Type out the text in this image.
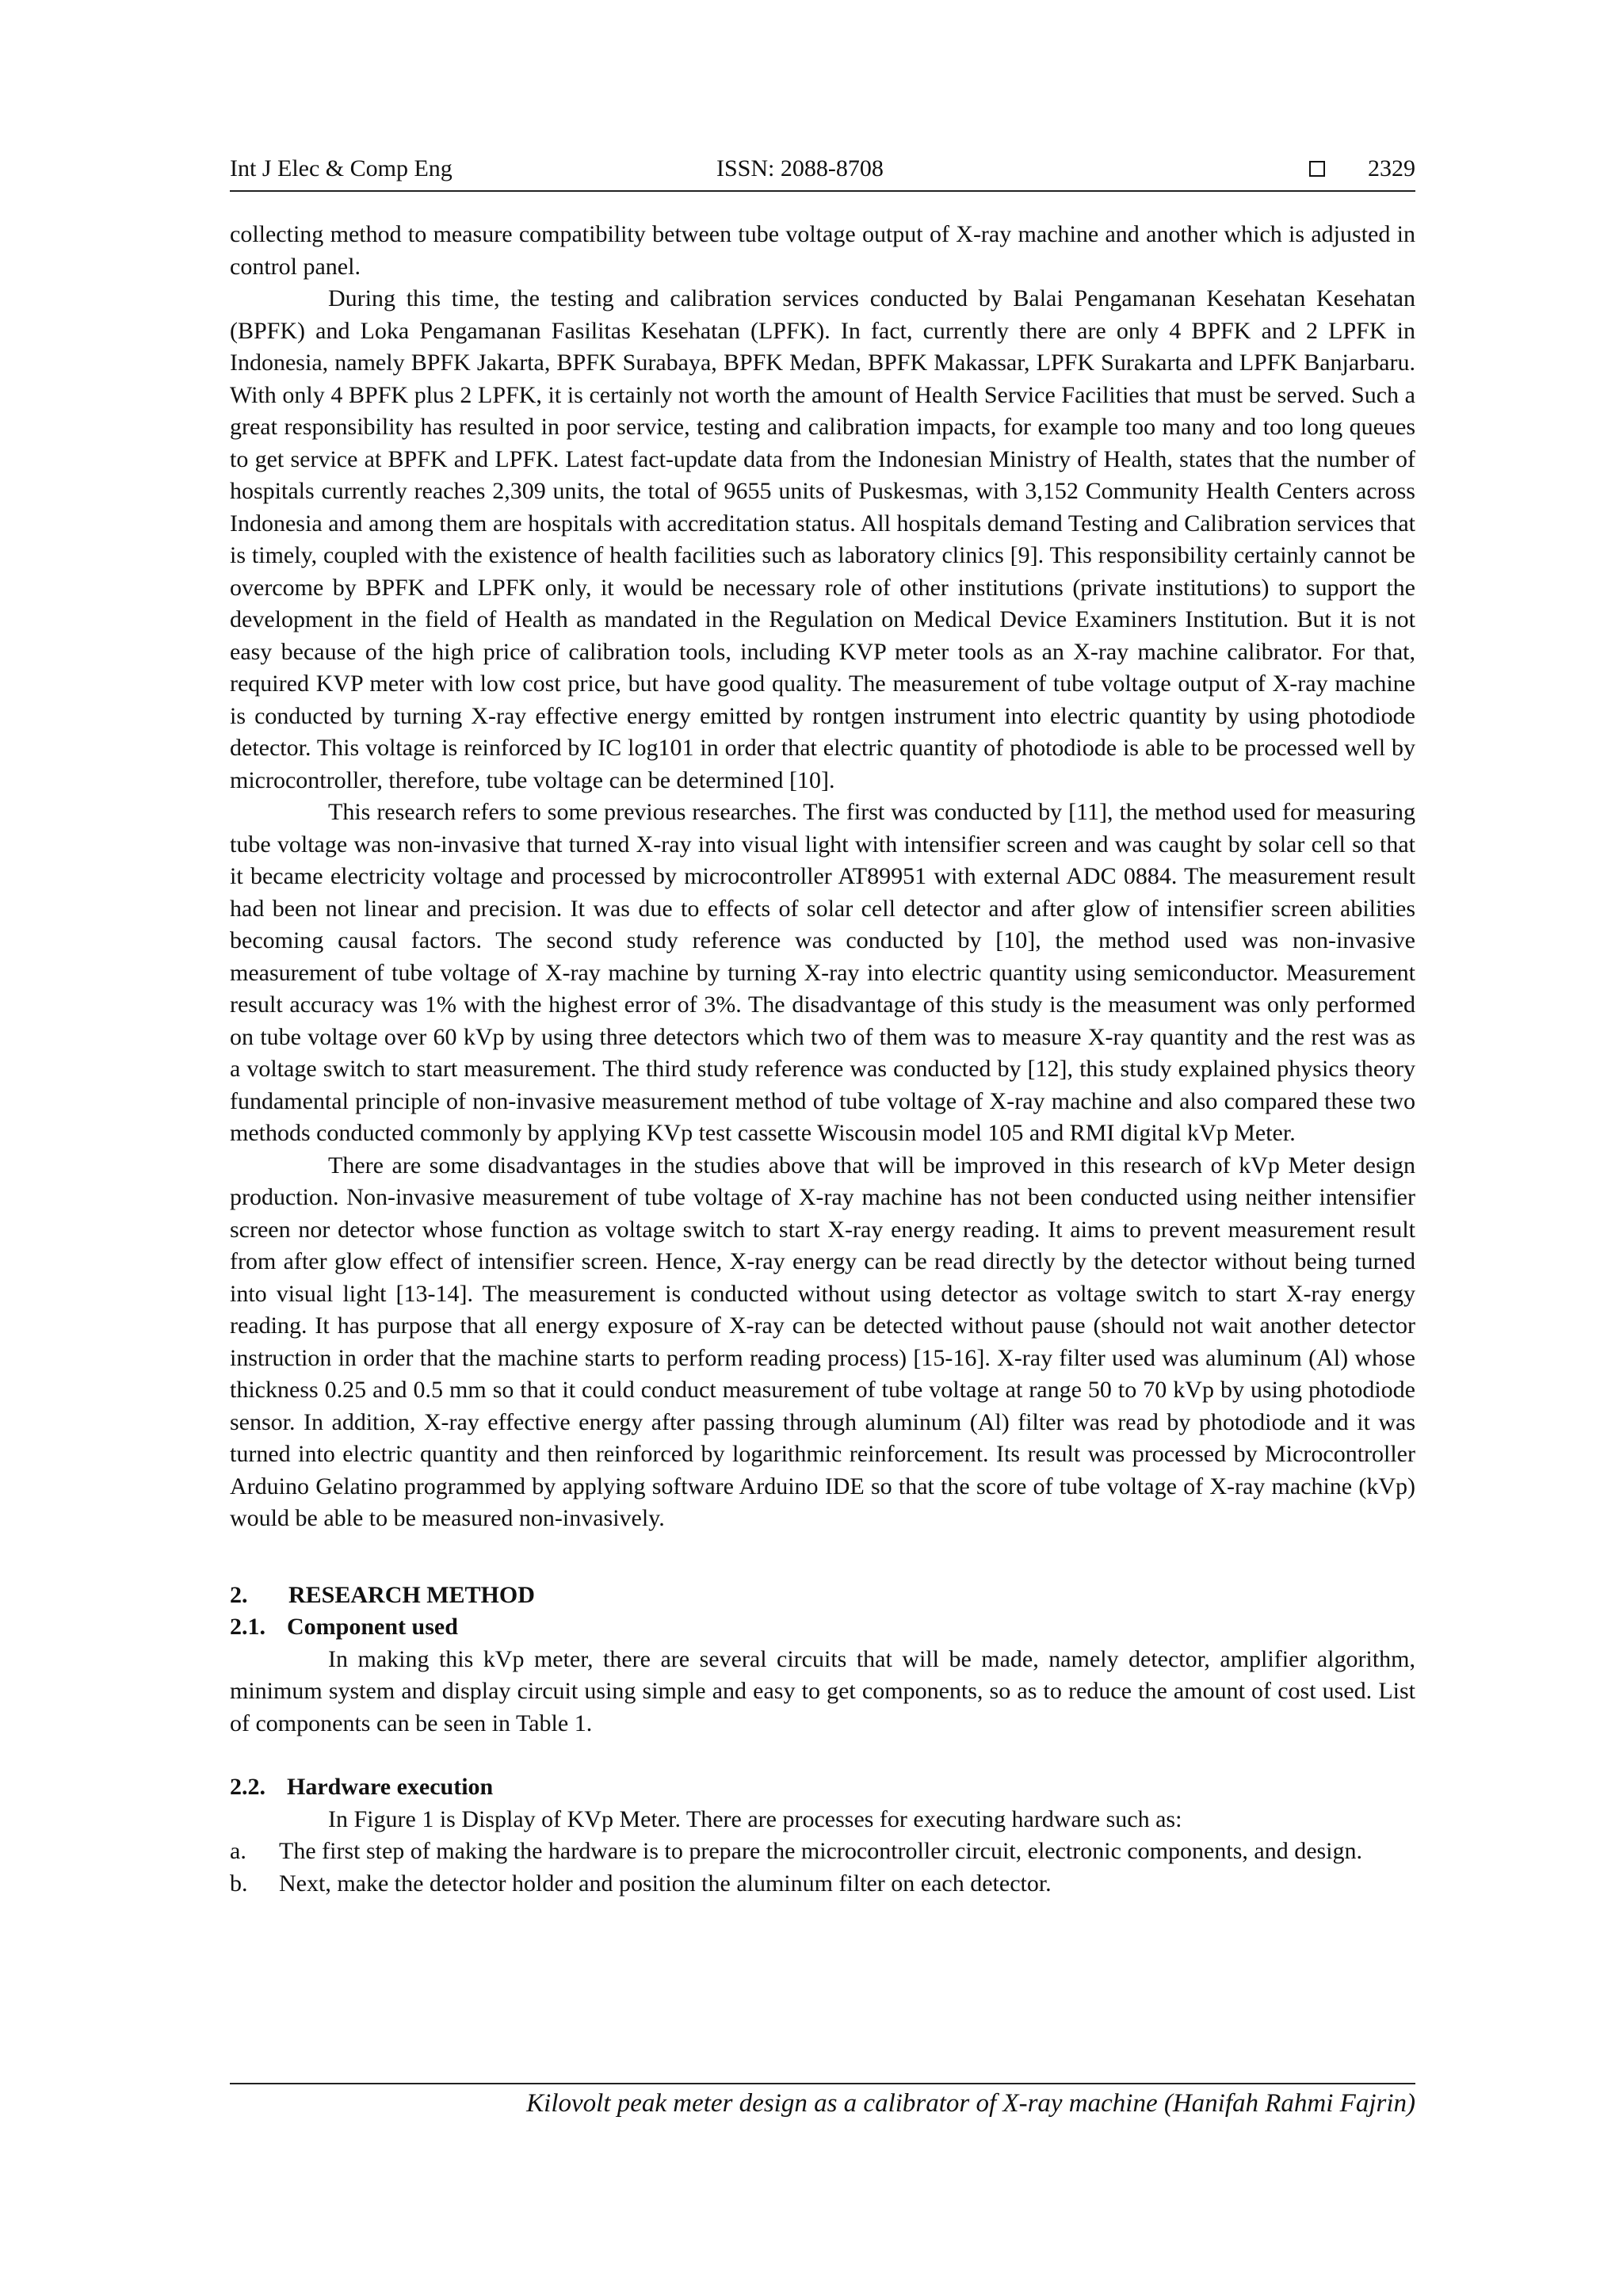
Int J Elec & Comp Eng	ISSN: 2088-8708	2329

collecting method to measure compatibility between tube voltage output of X-ray machine and another which is adjusted in control panel.

During this time, the testing and calibration services conducted by Balai Pengamanan Kesehatan Kesehatan (BPFK) and Loka Pengamanan Fasilitas Kesehatan (LPFK). In fact, currently there are only 4 BPFK and 2 LPFK in Indonesia, namely BPFK Jakarta, BPFK Surabaya, BPFK Medan, BPFK Makassar, LPFK Surakarta and LPFK Banjarbaru. With only 4 BPFK plus 2 LPFK, it is certainly not worth the amount of Health Service Facilities that must be served. Such a great responsibility has resulted in poor service, testing and calibration impacts, for example too many and too long queues to get service at BPFK and LPFK. Latest fact-update data from the Indonesian Ministry of Health, states that the number of hospitals currently reaches 2,309 units, the total of 9655 units of Puskesmas, with 3,152 Community Health Centers across Indonesia and among them are hospitals with accreditation status. All hospitals demand Testing and Calibration services that is timely, coupled with the existence of health facilities such as laboratory clinics [9]. This responsibility certainly cannot be overcome by BPFK and LPFK only, it would be necessary role of other institutions (private institutions) to support the development in the field of Health as mandated in the Regulation on Medical Device Examiners Institution. But it is not easy because of the high price of calibration tools, including KVP meter tools as an X-ray machine calibrator. For that, required KVP meter with low cost price, but have good quality. The measurement of tube voltage output of X-ray machine is conducted by turning X-ray effective energy emitted by rontgen instrument into electric quantity by using photodiode detector. This voltage is reinforced by IC log101 in order that electric quantity of photodiode is able to be processed well by microcontroller, therefore, tube voltage can be determined [10].

This research refers to some previous researches. The first was conducted by [11], the method used for measuring tube voltage was non-invasive that turned X-ray into visual light with intensifier screen and was caught by solar cell so that it became electricity voltage and processed by microcontroller AT89951 with external ADC 0884. The measurement result had been not linear and precision. It was due to effects of solar cell detector and after glow of intensifier screen abilities becoming causal factors. The second study reference was conducted by [10], the method used was non-invasive measurement of tube voltage of X-ray machine by turning X-ray into electric quantity using semiconductor. Measurement result accuracy was 1% with the highest error of 3%. The disadvantage of this study is the measument was only performed on tube voltage over 60 kVp by using three detectors which two of them was to measure X-ray quantity and the rest was as a voltage switch to start measurement. The third study reference was conducted by [12], this study explained physics theory fundamental principle of non-invasive measurement method of tube voltage of X-ray machine and also compared these two methods conducted commonly by applying KVp test cassette Wiscousin model 105 and RMI digital kVp Meter.

There are some disadvantages in the studies above that will be improved in this research of kVp Meter design production. Non-invasive measurement of tube voltage of X-ray machine has not been conducted using neither intensifier screen nor detector whose function as voltage switch to start X-ray energy reading. It aims to prevent measurement result from after glow effect of intensifier screen. Hence, X-ray energy can be read directly by the detector without being turned into visual light [13-14]. The measurement is conducted without using detector as voltage switch to start X-ray energy reading. It has purpose that all energy exposure of X-ray can be detected without pause (should not wait another detector instruction in order that the machine starts to perform reading process) [15-16]. X-ray filter used was aluminum (Al) whose thickness 0.25 and 0.5 mm so that it could conduct measurement of tube voltage at range 50 to 70 kVp by using photodiode sensor. In addition, X-ray effective energy after passing through aluminum (Al) filter was read by photodiode and it was turned into electric quantity and then reinforced by logarithmic reinforcement. Its result was processed by Microcontroller Arduino Gelatino programmed by applying software Arduino IDE so that the score of tube voltage of X-ray machine (kVp) would be able to be measured non-invasively.

2. RESEARCH METHOD

2.1. Component used

In making this kVp meter, there are several circuits that will be made, namely detector, amplifier algorithm, minimum system and display circuit using simple and easy to get components, so as to reduce the amount of cost used. List of components can be seen in Table 1.

2.2. Hardware execution

In Figure 1 is Display of KVp Meter. There are processes for executing hardware such as:

a.	The first step of making the hardware is to prepare the microcontroller circuit, electronic components, and design.
b.	Next, make the detector holder and position the aluminum filter on each detector.
Kilovolt peak meter design as a calibrator of X-ray machine (Hanifah Rahmi Fajrin)
